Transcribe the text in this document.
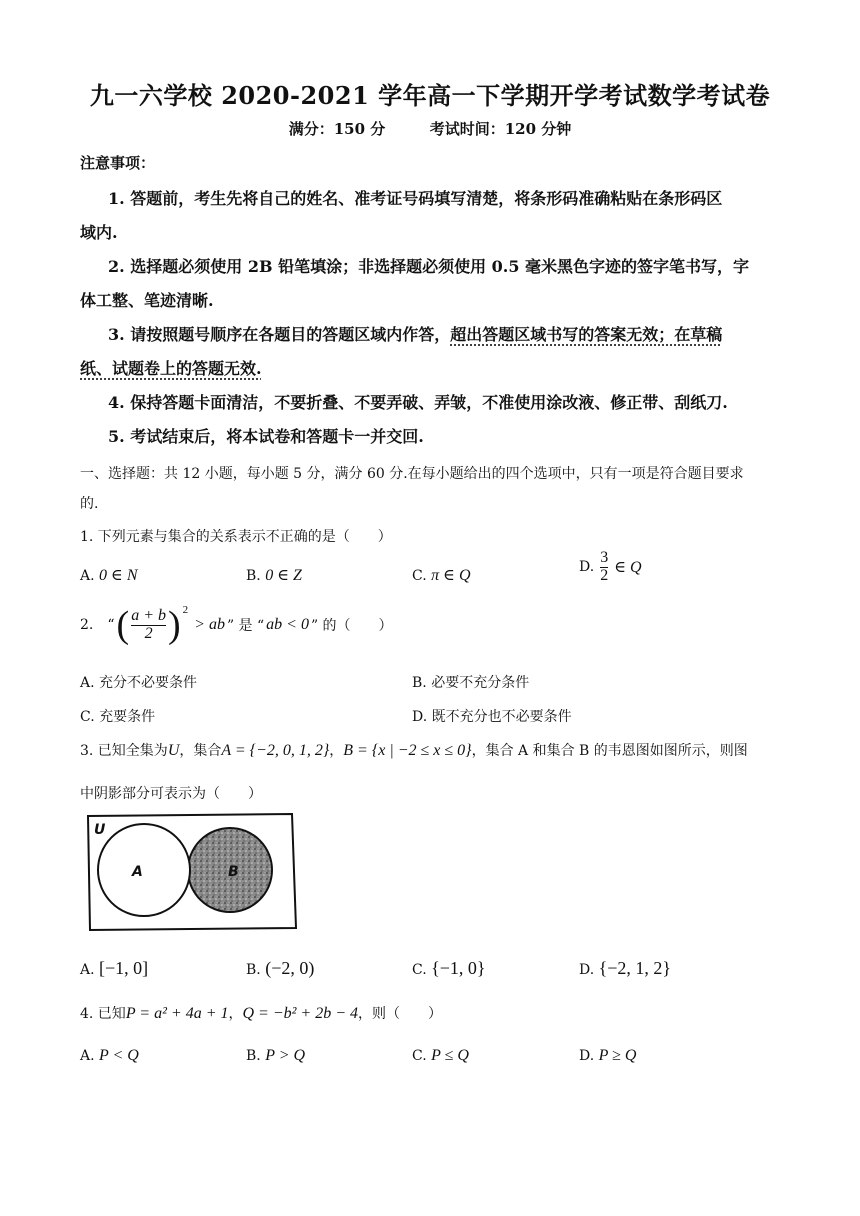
九一六学校 2020-2021 学年高一下学期开学考试数学考试卷
满分：150 分	考试时间：120 分钟
注意事项：
1. 答题前，考生先将自己的姓名、准考证号码填写清楚，将条形码准确粘贴在条形码区
域内.
2. 选择题必须使用 2B 铅笔填涂；非选择题必须使用 0.5 毫米黑色字迹的签字笔书写，字
体工整、笔迹清晰.
3. 请按照题号顺序在各题目的答题区域内作答，超出答题区域书写的答案无效；在草稿
纸、试题卷上的答题无效.
4. 保持答题卡面清洁，不要折叠、不要弄破、弄皱，不准使用涂改液、修正带、刮纸刀.
5. 考试结束后，将本试卷和答题卡一并交回.
一、选择题：共 12 小题，每小题 5 分，满分 60 分.在每小题给出的四个选项中，只有一项是符合题目要求
的.
1. 下列元素与集合的关系表示不正确的是（　　）
A. 0 ∈ N	B. 0 ∈ Z	C. π ∈ Q	D. $\frac{3}{2}$ ∈ Q
2. “ ( $\frac{a + b}{2}$ ) 2
> ab ” 是 “ ab < 0 ” 的（　　）
A. 充分不必要条件	B. 必要不充分条件
C. 充要条件	D. 既不充分也不必要条件
3. 已知全集为U，集合A = {−2, 0, 1, 2}，B = {x | −2 ≤ x ≤ 0}，集合 A 和集合 B 的韦恩图如图所示，则图
中阴影部分可表示为（　　）
U
A	B
A. [−1, 0]	B. (−2, 0)	C. {−1, 0}	D. {−2, 1, 2}
4. 已知P = a² + 4a + 1，Q = −b² + 2b − 4，则（　　）
A. P < Q	B. P > Q	C. P ≤ Q	D. P ≥ Q
